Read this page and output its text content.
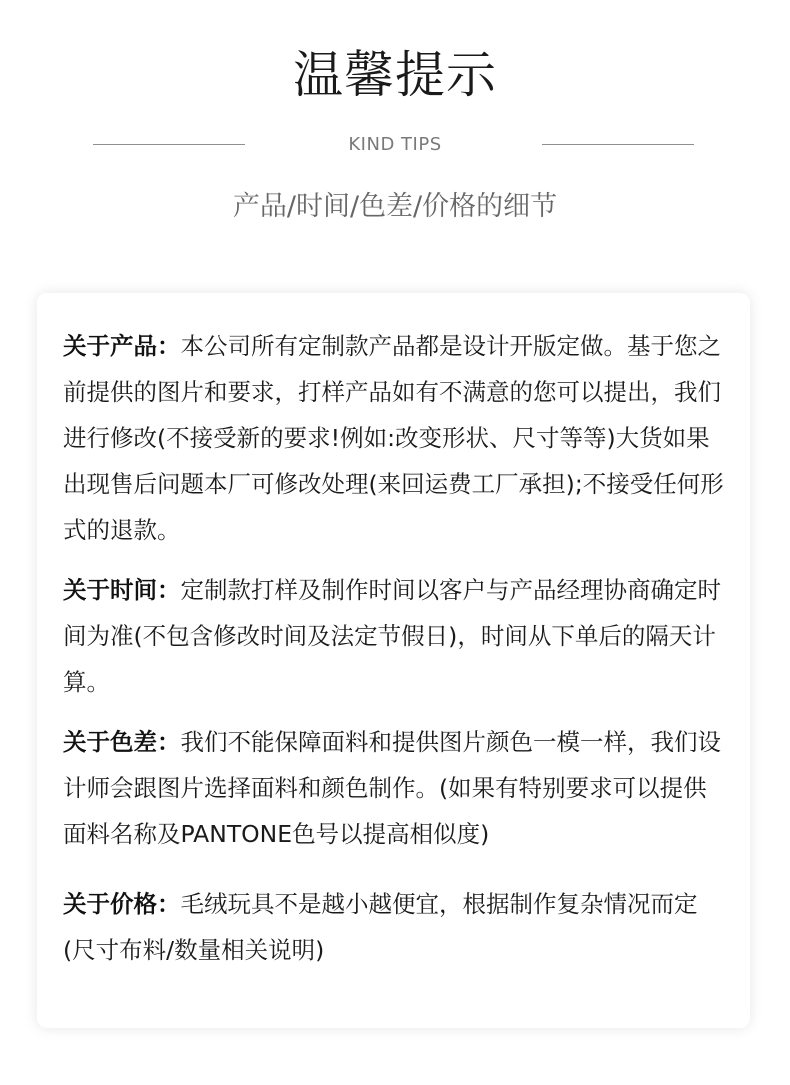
温馨提示
KIND TIPS
产品/时间/色差/价格的细节

关于产品：本公司所有定制款产品都是设计开版定做。基于您之前提供的图片和要求，打样产品如有不满意的您可以提出，我们进行修改(不接受新的要求!例如:改变形状、尺寸等等)大货如果出现售后问题本厂可修改处理(来回运费工厂承担);不接受任何形式的退款。

关于时间：定制款打样及制作时间以客户与产品经理协商确定时间为准(不包含修改时间及法定节假日)，时间从下单后的隔天计算。

关于色差：我们不能保障面料和提供图片颜色一模一样，我们设计师会跟图片选择面料和颜色制作。(如果有特别要求可以提供面料名称及PANTONE色号以提高相似度)

关于价格：毛绒玩具不是越小越便宜，根据制作复杂情况而定(尺寸布料/数量相关说明)
